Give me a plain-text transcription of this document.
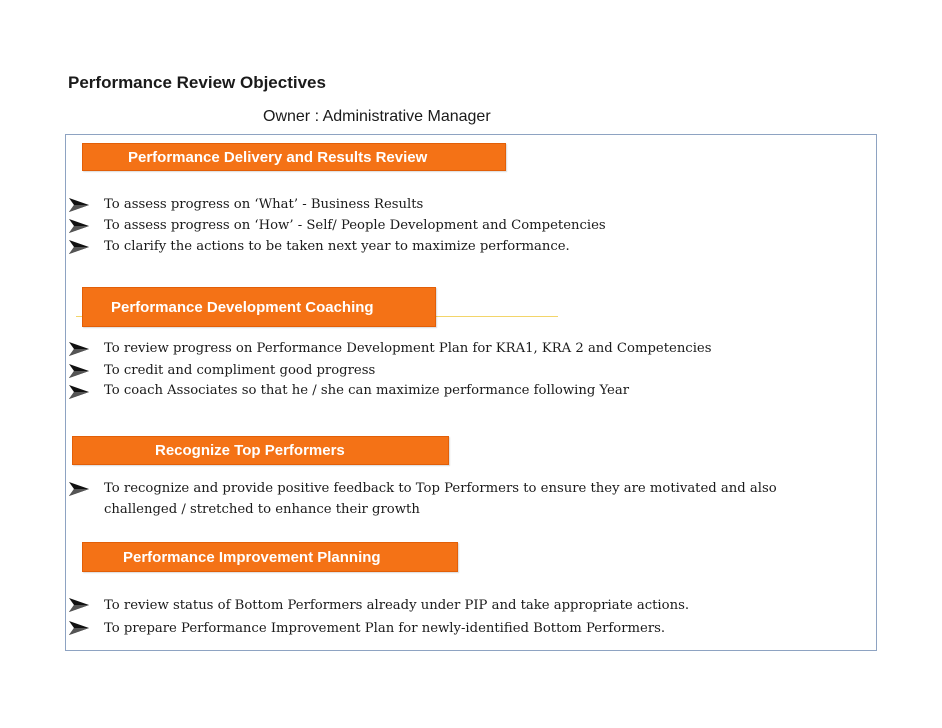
Performance Review Objectives
Owner : Administrative Manager
Performance Delivery and Results Review
To assess progress on ‘What’ - Business Results
To assess progress on ‘How’ - Self/ People Development and Competencies
To clarify the actions to be taken next year to maximize performance.
Performance Development Coaching
To review progress on Performance Development Plan for KRA1, KRA 2 and Competencies
To credit and compliment good progress
To coach Associates so that he / she can maximize performance following Year
Recognize Top Performers
To recognize and provide positive feedback to Top Performers to ensure they are motivated and also
challenged / stretched to enhance their growth
Performance Improvement Planning
To review status of Bottom Performers already under PIP and take appropriate actions.
To prepare Performance Improvement Plan for newly-identified Bottom Performers.
